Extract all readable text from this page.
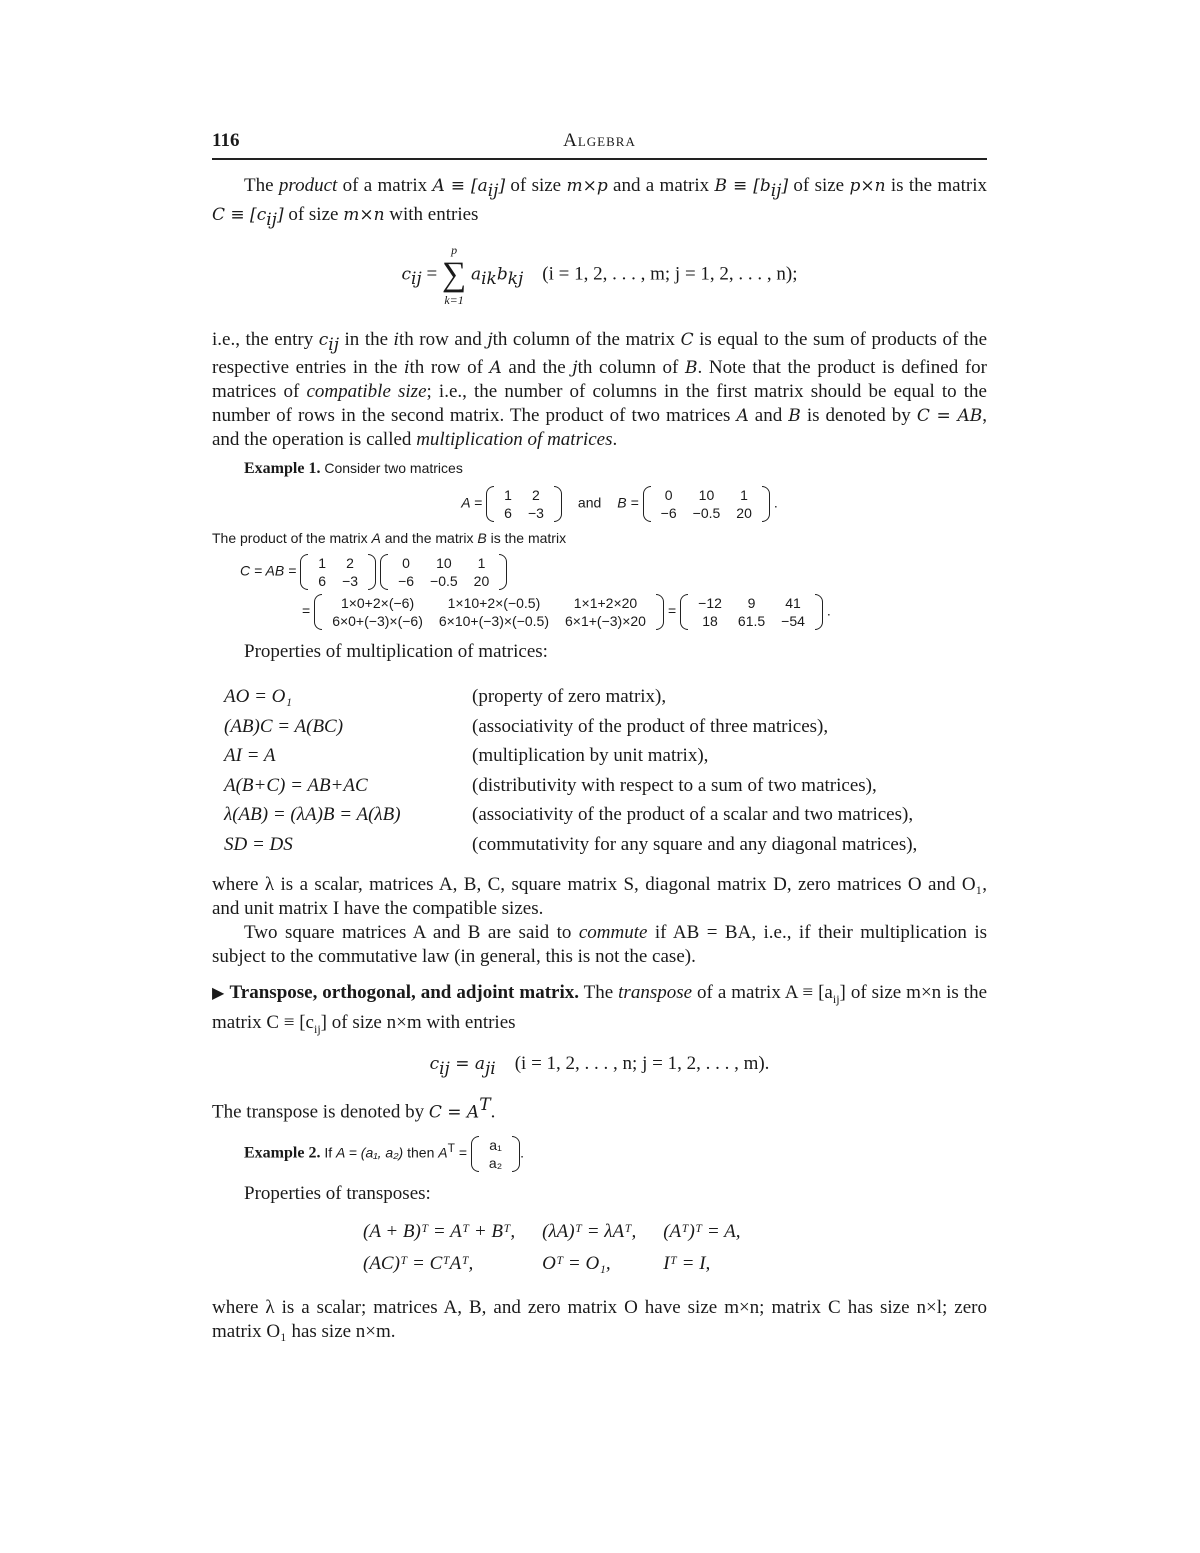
116	Algebra

The product of a matrix $A \equiv [a_{ij}]$ of size m×p and a matrix $B \equiv [b_{ij}]$ of size p×n is the matrix $C \equiv [c_{ij}]$ of size m×n with entries

$c_{ij}$ =
p
∑
k=1
$a_{ik}b_{kj}$ (i = 1, 2, . . . , m; j = 1, 2, . . . , n);

i.e., the entry $c_{ij}$ in the ith row and jth column of the matrix C is equal to the sum of products of the respective entries in the ith row of A and the jth column of B. Note that the product is defined for matrices of compatible size; i.e., the number of columns in the first matrix should be equal to the number of rows in the second matrix. The product of two matrices A and B is denoted by C = AB, and the operation is called multiplication of matrices.

Example 1. Consider two matrices
A = 1	2
6	−3
and B = 0	10	1
−6	−0.5	20
.
The product of the matrix A and the matrix B is the matrix
C = AB = 1	2
6	−3

0	10	1
−6	−0.5	20
= 1×0+2×(−6)	1×10+2×(−0.5)	1×1+2×20
6×0+(−3)×(−6)	6×10+(−3)×(−0.5)	6×1+(−3)×20
= −12	9	41
18	61.5	−54
.

Properties of multiplication of matrices:

AO = O₁	(property of zero matrix),
(AB)C = A(BC)	(associativity of the product of three matrices),
AI = A	(multiplication by unit matrix),
A(B+C) = AB+AC	(distributivity with respect to a sum of two matrices),
λ(AB) = (λA)B = A(λB)	(associativity of the product of a scalar and two matrices),
SD = DS	(commutativity for any square and any diagonal matrices),

where λ is a scalar, matrices A, B, C, square matrix S, diagonal matrix D, zero matrices O and O₁, and unit matrix I have the compatible sizes.

Two square matrices A and B are said to commute if AB = BA, i.e., if their multiplication is subject to the commutative law (in general, this is not the case).

▶ Transpose, orthogonal, and adjoint matrix. The transpose of a matrix $A \equiv [a_{ij}]$ of size m×n is the matrix $C \equiv [c_{ij}]$ of size n×m with entries

$c_{ij} = a_{ji}$ (i = 1, 2, . . . , n; j = 1, 2, . . . , m).

The transpose is denoted by $C = A^T$.

Example 2. If A = (a₁, a₂) then $A^T = a_1$
a₂
.

Properties of transposes:

(A + B)ᵀ = Aᵀ + Bᵀ,	(λA)ᵀ = λAᵀ,	(Aᵀ)ᵀ = A,
(AC)ᵀ = CᵀAᵀ,	Oᵀ = O₁,	Iᵀ = I,

where λ is a scalar; matrices A, B, and zero matrix O have size m×n; matrix C has size n×l; zero matrix O₁ has size n×m.
